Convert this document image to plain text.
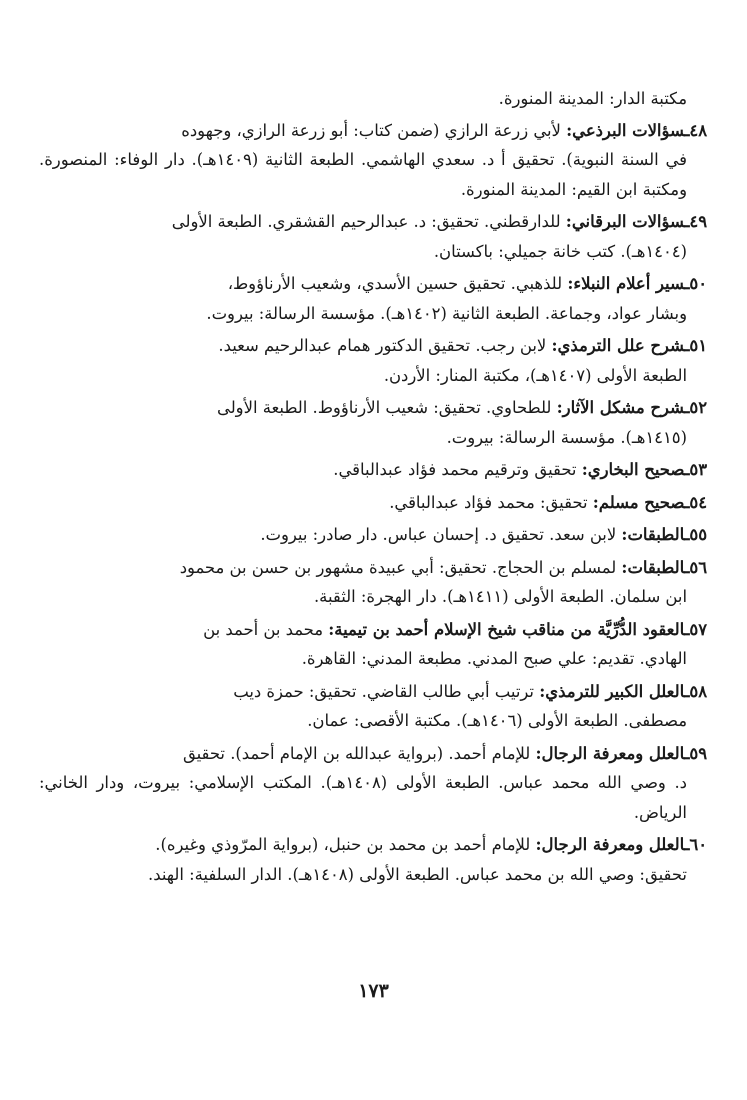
مكتبة الدار: المدينة المنورة.
٤٨ـسؤالات البرذعي: لأبي زرعة الرازي (ضمن كتاب: أبو زرعة الرازي، وجهوده
في السنة النبوية). تحقيق أ د. سعدي الهاشمي. الطبعة الثانية (١٤٠٩هـ). دار الوفاء: المنصورة. ومكتبة ابن القيم: المدينة المنورة.
٤٩ـسؤالات البرقاني: للدارقطني. تحقيق: د. عبدالرحيم القشقري. الطبعة الأولى
(١٤٠٤هـ). كتب خانة جميلي: باكستان.
٥٠ـسير أعلام النبلاء: للذهبي. تحقيق حسين الأسدي، وشعيب الأرناؤوط،
وبشار عواد، وجماعة. الطبعة الثانية (١٤٠٢هـ). مؤسسة الرسالة: بيروت.
٥١ـشرح علل الترمذي: لابن رجب. تحقيق الدكتور همام عبدالرحيم سعيد.
الطبعة الأولى (١٤٠٧هـ)، مكتبة المنار: الأردن.
٥٢ـشرح مشكل الآثار: للطحاوي. تحقيق: شعيب الأرناؤوط. الطبعة الأولى
(١٤١٥هـ). مؤسسة الرسالة: بيروت.
٥٣ـصحيح البخاري: تحقيق وترقيم محمد فؤاد عبدالباقي.
٥٤ـصحيح مسلم: تحقيق: محمد فؤاد عبدالباقي.
٥٥ـالطبقات: لابن سعد. تحقيق د. إحسان عباس. دار صادر: بيروت.
٥٦ـالطبقات: لمسلم بن الحجاج. تحقيق: أبي عبيدة مشهور بن حسن بن محمود
ابن سلمان. الطبعة الأولى (١٤١١هـ). دار الهجرة: الثقبة.
٥٧ـالعقود الدُّرِّيَّة من مناقب شيخ الإسلام أحمد بن تيمية: محمد بن أحمد بن
الهادي. تقديم: علي صبح المدني. مطبعة المدني: القاهرة.
٥٨ـالعلل الكبير للترمذي: ترتيب أبي طالب القاضي. تحقيق: حمزة ديب
مصطفى. الطبعة الأولى (١٤٠٦هـ). مكتبة الأقصى: عمان.
٥٩ـالعلل ومعرفة الرجال: للإمام أحمد. (برواية عبدالله بن الإمام أحمد). تحقيق
د. وصي الله محمد عباس. الطبعة الأولى (١٤٠٨هـ). المكتب الإسلامي: بيروت، ودار الخاني: الرياض.
٦٠ـالعلل ومعرفة الرجال: للإمام أحمد بن محمد بن حنبل، (برواية المرّوذي وغيره).
تحقيق: وصي الله بن محمد عباس. الطبعة الأولى (١٤٠٨هـ). الدار السلفية: الهند.
١٧٣
